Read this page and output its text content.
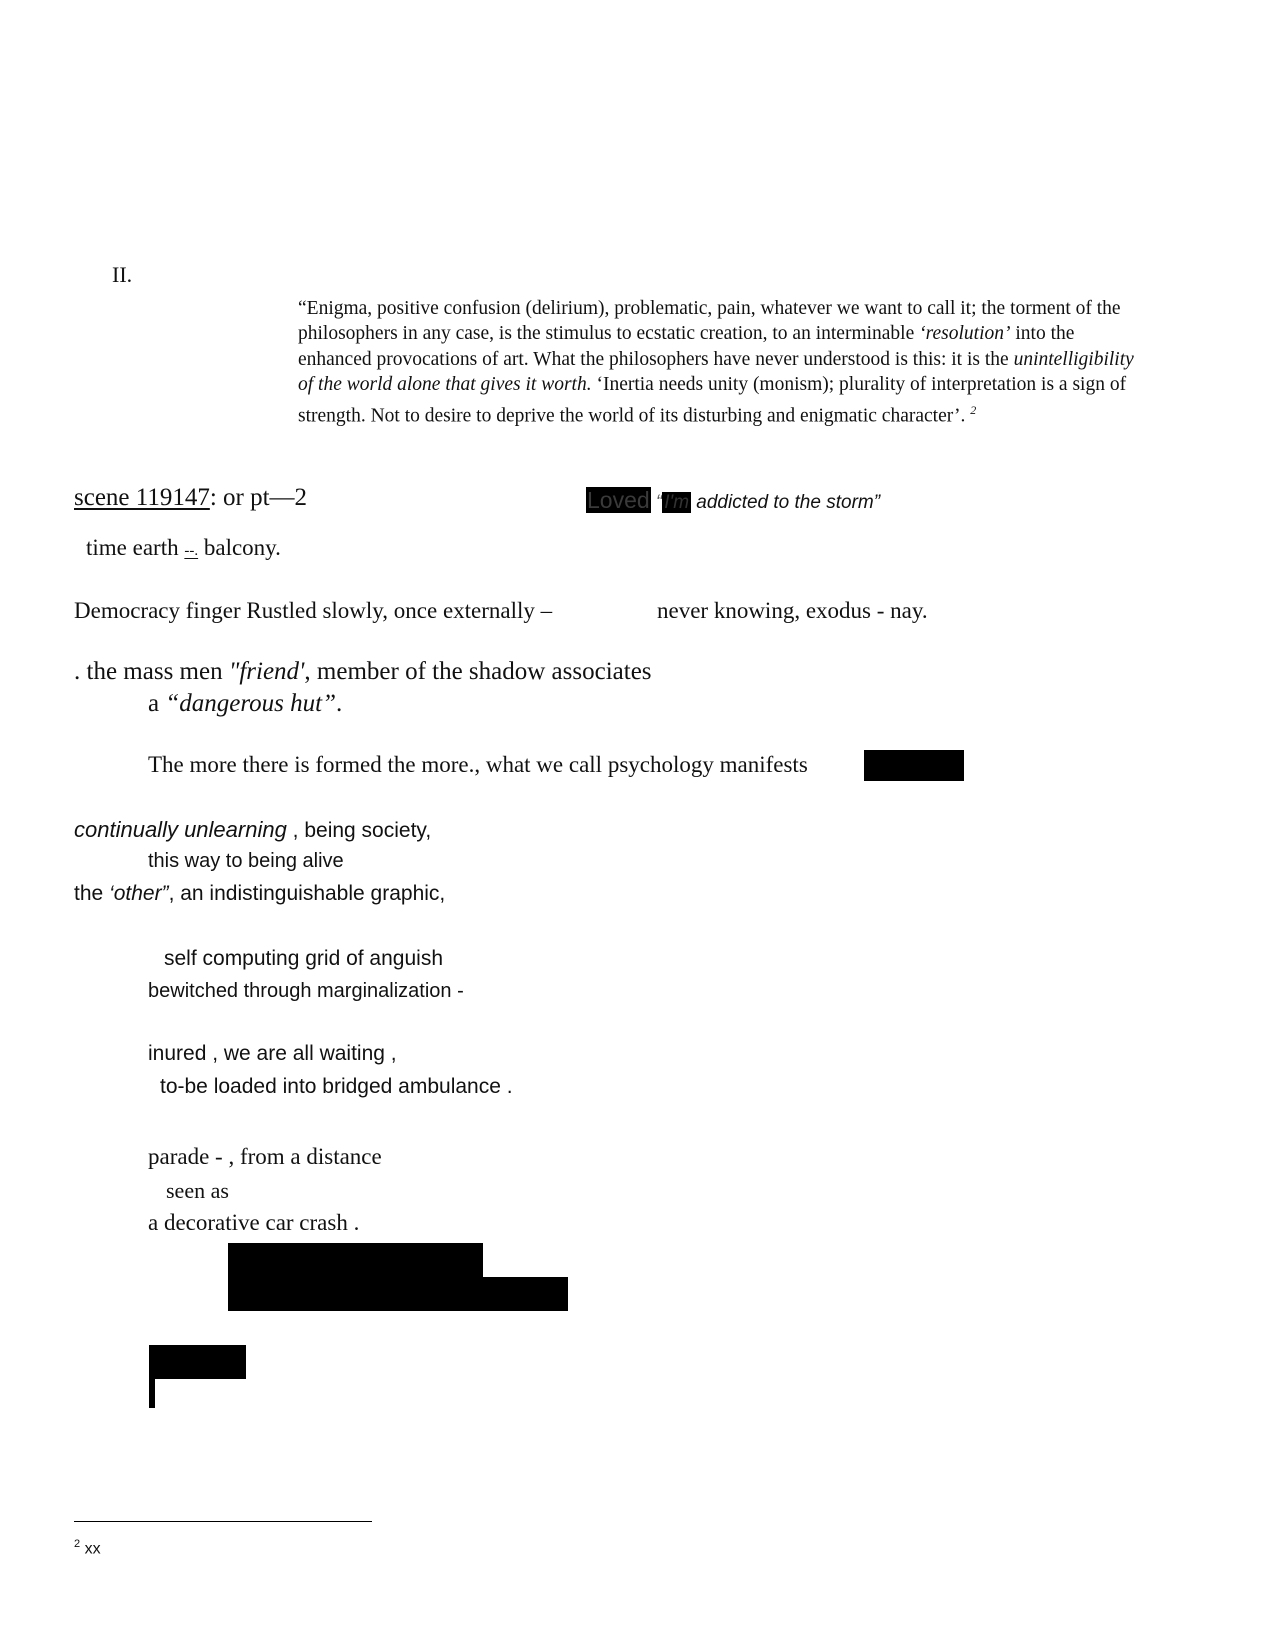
II.

“Enigma, positive confusion (delirium), problematic, pain, whatever we want to call it; the torment of the

philosophers in any case, is the stimulus to ecstatic creation, to an interminable ‘resolution’ into the

enhanced provocations of art. What the philosophers have never understood is this: it is the unintelligibility

of the world alone that gives it worth. ‘Inertia needs unity (monism); plurality of interpretation is a sign of

strength. Not to desire to deprive the world of its disturbing and enigmatic character’. $^2$

scene 119147: or pt—2	Loved “ I'm addicted to the storm”
time earth --. balcony.
Democracy finger Rustled slowly, once externally –	never knowing, exodus - nay.
. the mass men "friend', member of the shadow associates
a “dangerous hut”.
The more there is formed the more., what we call psychology manifests
continually unlearning , being society,
this way to being alive
the ‘other”, an indistinguishable graphic,
self computing grid of anguish
bewitched through marginalization -
inured , we are all waiting ,
to-be loaded into bridged ambulance .
parade - , from a distance
seen as
a decorative car crash .
$^2$ xx
